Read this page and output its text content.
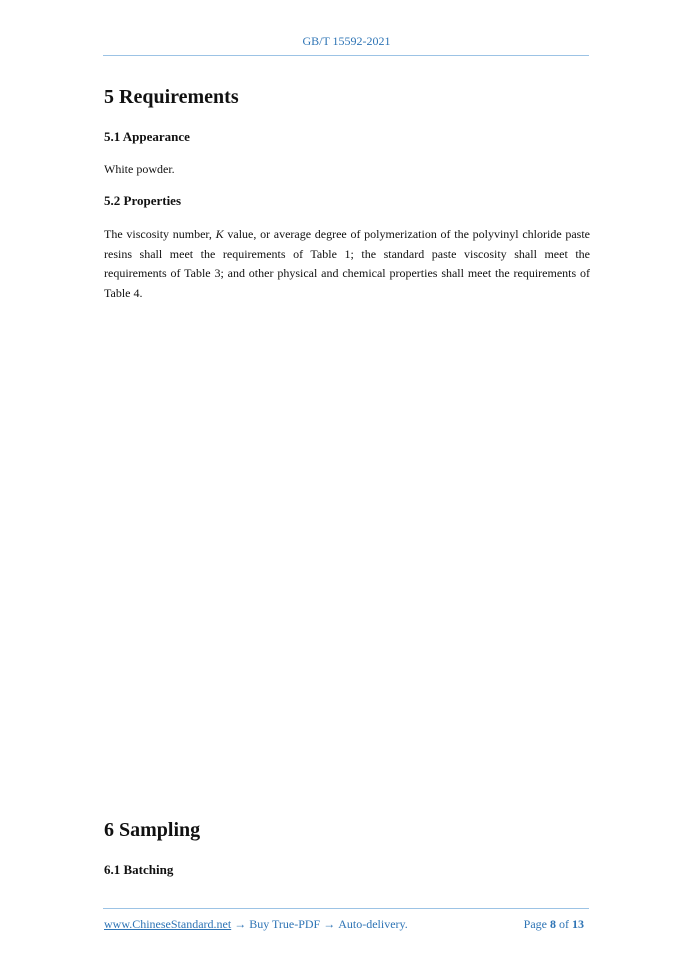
GB/T 15592-2021
5 Requirements
5.1 Appearance
White powder.
5.2 Properties
The viscosity number, K value, or average degree of polymerization of the polyvinyl chloride paste resins shall meet the requirements of Table 1; the standard paste viscosity shall meet the requirements of Table 3; and other physical and chemical properties shall meet the requirements of Table 4.
6 Sampling
6.1 Batching
www.ChineseStandard.net → Buy True-PDF → Auto-delivery.	Page 8 of 13
